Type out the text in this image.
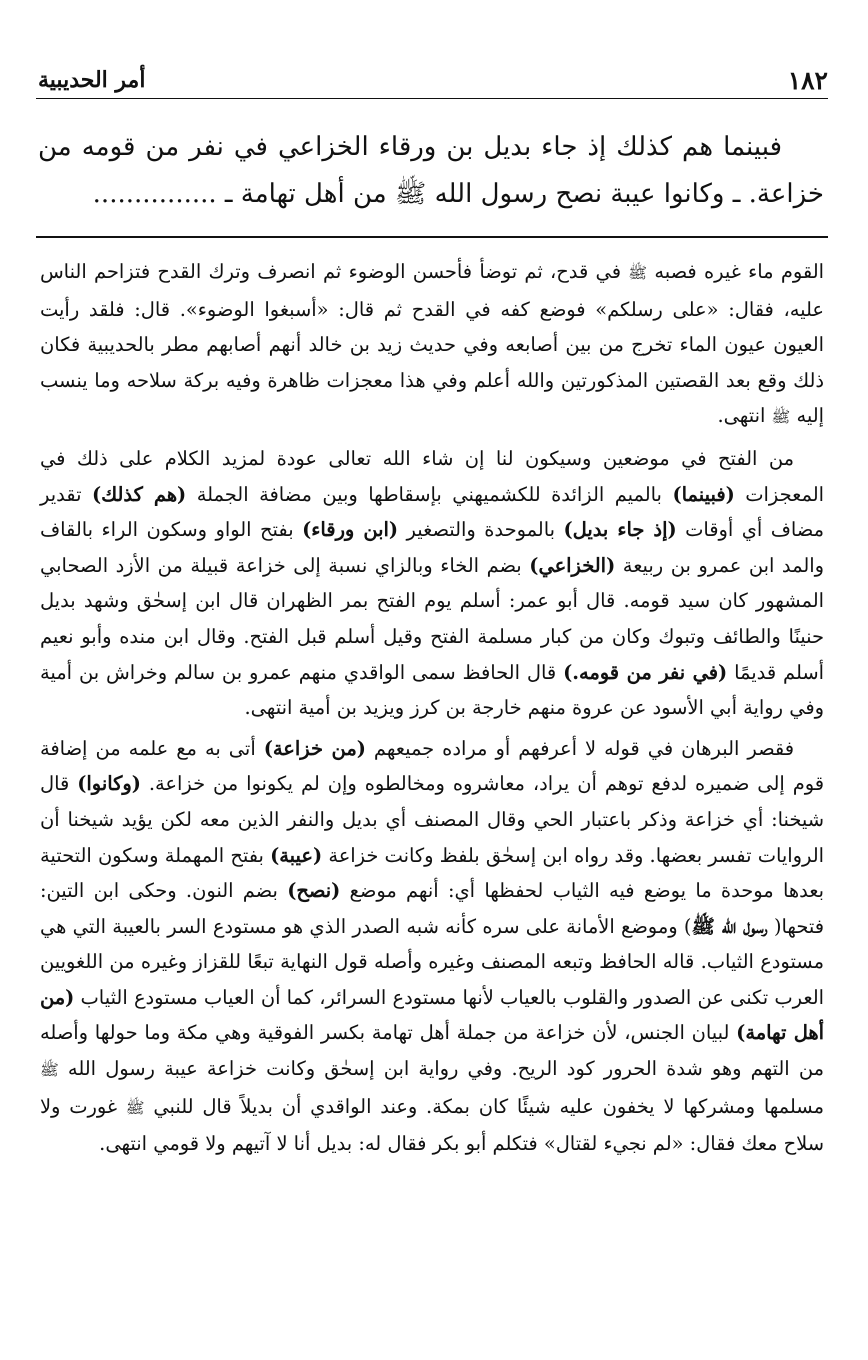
١٨٢
أمر الحديبية

فبينما هم كذلك إذ جاء بديل بن ورقاء الخزاعي في نفر من قومه من خزاعة. ـ وكانوا عيبة نصح رسول الله ﷺ من أهل تهامة ـ ...............

القوم ماء غيره فصبه ﷺ في قدح، ثم توضأ فأحسن الوضوء ثم انصرف وترك القدح فتزاحم الناس عليه، فقال: «على رسلكم» فوضع كفه في القدح ثم قال: «أسبغوا الوضوء». قال: فلقد رأيت العيون عيون الماء تخرج من بين أصابعه وفي حديث زيد بن خالد أنهم أصابهم مطر بالحديبية فكان ذلك وقع بعد القصتين المذكورتين والله أعلم وفي هذا معجزات ظاهرة وفيه بركة سلاحه وما ينسب إليه ﷺ انتهى.

من الفتح في موضعين وسيكون لنا إن شاء الله تعالى عودة لمزيد الكلام على ذلك في المعجزات (فبينما) بالميم الزائدة للكشميهني بإسقاطها وبين مضافة الجملة (هم كذلك) تقدير مضاف أي أوقات (إذ جاء بديل) بالموحدة والتصغير (ابن ورقاء) بفتح الواو وسكون الراء بالقاف والمد ابن عمرو بن ربيعة (الخزاعي) بضم الخاء وبالزاي نسبة إلى خزاعة قبيلة من الأزد الصحابي المشهور كان سيد قومه. قال أبو عمر: أسلم يوم الفتح بمر الظهران قال ابن إسحٰق وشهد بديل حنينًا والطائف وتبوك وكان من كبار مسلمة الفتح وقيل أسلم قبل الفتح. وقال ابن منده وأبو نعيم أسلم قديمًا (في نفر من قومه.) قال الحافظ سمى الواقدي منهم عمرو بن سالم وخراش بن أمية وفي رواية أبي الأسود عن عروة منهم خارجة بن كرز ويزيد بن أمية انتهى.

فقصر البرهان في قوله لا أعرفهم أو مراده جميعهم (من خزاعة) أتى به مع علمه من إضافة قوم إلى ضميره لدفع توهم أن يراد، معاشروه ومخالطوه وإن لم يكونوا من خزاعة. (وكانوا) قال شيخنا: أي خزاعة وذكر باعتبار الحي وقال المصنف أي بديل والنفر الذين معه لكن يؤيد شيخنا أن الروايات تفسر بعضها. وقد رواه ابن إسحٰق بلفظ وكانت خزاعة (عيبة) بفتح المهملة وسكون التحتية بعدها موحدة ما يوضع فيه الثياب لحفظها أي: أنهم موضع (نصح) بضم النون. وحكى ابن التين: فتحها( رسول الله ﷺ) وموضع الأمانة على سره كأنه شبه الصدر الذي هو مستودع السر بالعيبة التي هي مستودع الثياب. قاله الحافظ وتبعه المصنف وغيره وأصله قول النهاية تبعًا للقزاز وغيره من اللغويين العرب تكنى عن الصدور والقلوب بالعياب لأنها مستودع السرائر، كما أن العياب مستودع الثياب (من أهل تهامة) لبيان الجنس، لأن خزاعة من جملة أهل تهامة بكسر الفوقية وهي مكة وما حولها وأصله من التهم وهو شدة الحرور كود الريح. وفي رواية ابن إسحٰق وكانت خزاعة عيبة رسول الله ﷺ مسلمها ومشركها لا يخفون عليه شيئًا كان بمكة. وعند الواقدي أن بديلاً قال للنبي ﷺ غورت ولا سلاح معك فقال: «لم نجيء لقتال» فتكلم أبو بكر فقال له: بديل أنا لا آتيهم ولا قومي انتهى.
